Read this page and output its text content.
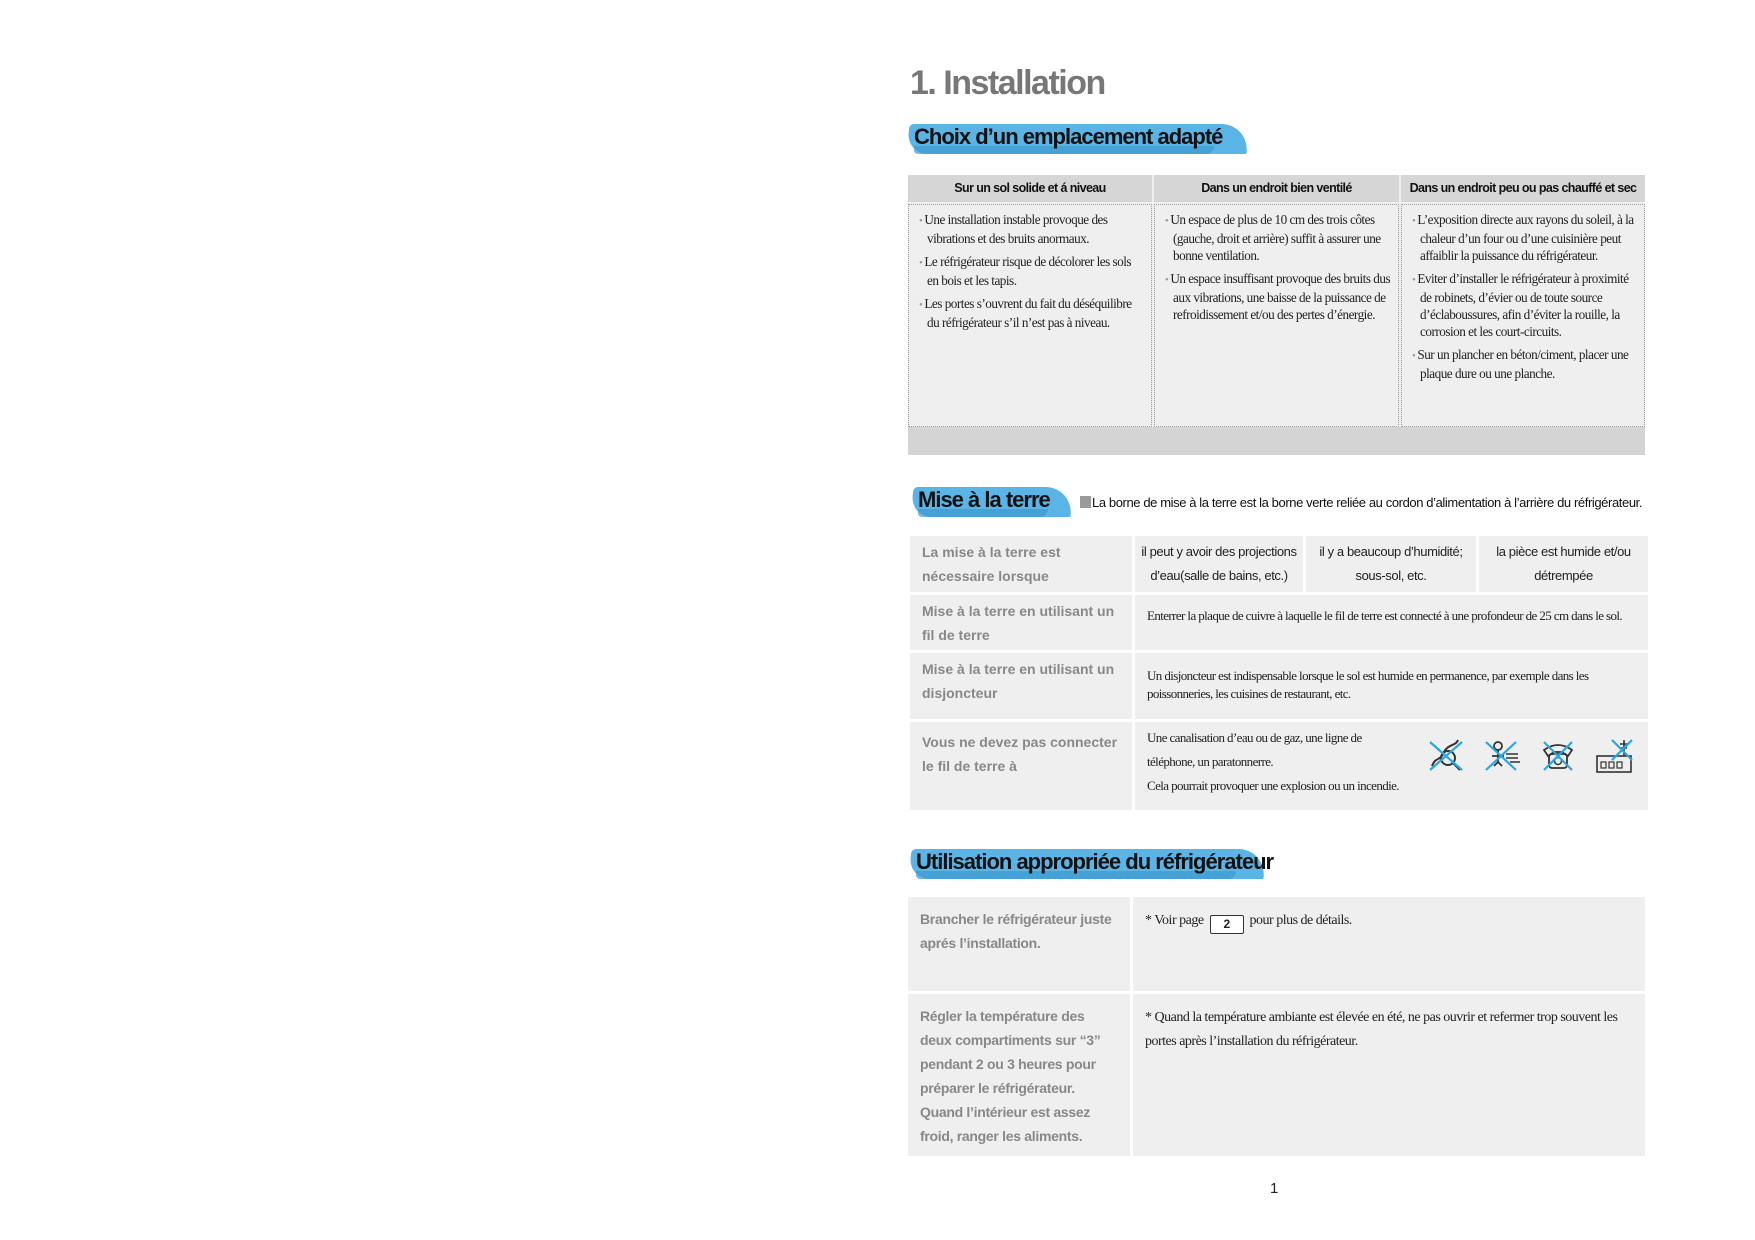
1. Installation
Choix d’un emplacement adapté
Sur un sol solide et á niveau
• Une installation instable provoque des vibrations et des bruits anormaux.
• Le réfrigérateur risque de décolorer les sols en bois et les tapis.
• Les portes s’ouvrent du fait du déséquilibre du réfrigérateur s’il n’est pas à niveau.
Dans un endroit bien ventilé
• Un espace de plus de 10 cm des trois côtes (gauche, droit et arrière) suffit à assurer une bonne ventilation.
• Un espace insuffisant provoque des bruits dus aux vibrations, une baisse de la puissance de refroidissement et/ou des pertes d’énergie.
Dans un endroit peu ou pas chauffé et sec
• L’exposition directe aux rayons du soleil, à la chaleur d’un four ou d’une cuisinière peut affaiblir la puissance du réfrigérateur.
• Eviter d’installer le réfrigérateur à proximité de robinets, d’évier ou de toute source d’éclaboussures, afin d’éviter la rouille, la corrosion et les court-circuits.
• Sur un plancher en béton/ciment, placer une plaque dure ou une planche.
Mise à la terre	La borne de mise à la terre est la borne verte reliée au cordon d’alimentation à l’arrière du réfrigérateur.
La mise à la terre est nécessaire lorsque
il peut y avoir des projections d’eau(salle de bains, etc.)
il y a beaucoup d’humidité; sous-sol, etc.
la pièce est humide et/ou détrempée
Mise à la terre en utilisant un fil de terre
Enterrer la plaque de cuivre à laquelle le fil de terre est connecté à une profondeur de 25 cm dans le sol.
Mise à la terre en utilisant un disjoncteur
Un disjoncteur est indispensable lorsque le sol est humide en permanence, par exemple dans les poissonneries, les cuisines de restaurant, etc.
Vous ne devez pas connecter le fil de terre à
Une canalisation d’eau ou de gaz, une ligne de
téléphone, un paratonnerre.
Cela pourrait provoquer une explosion ou un incendie.
Utilisation appropriée du réfrigérateur
Brancher le réfrigérateur juste aprés l’installation.
* Voir page 2 pour plus de détails.
Régler la température des deux compartiments sur “3” pendant 2 ou 3 heures pour préparer le réfrigérateur.
Quand l’intérieur est assez froid, ranger les aliments.
* Quand la température ambiante est élevée en été, ne pas ouvrir et refermer trop souvent les portes après l’installation du réfrigérateur.
1
